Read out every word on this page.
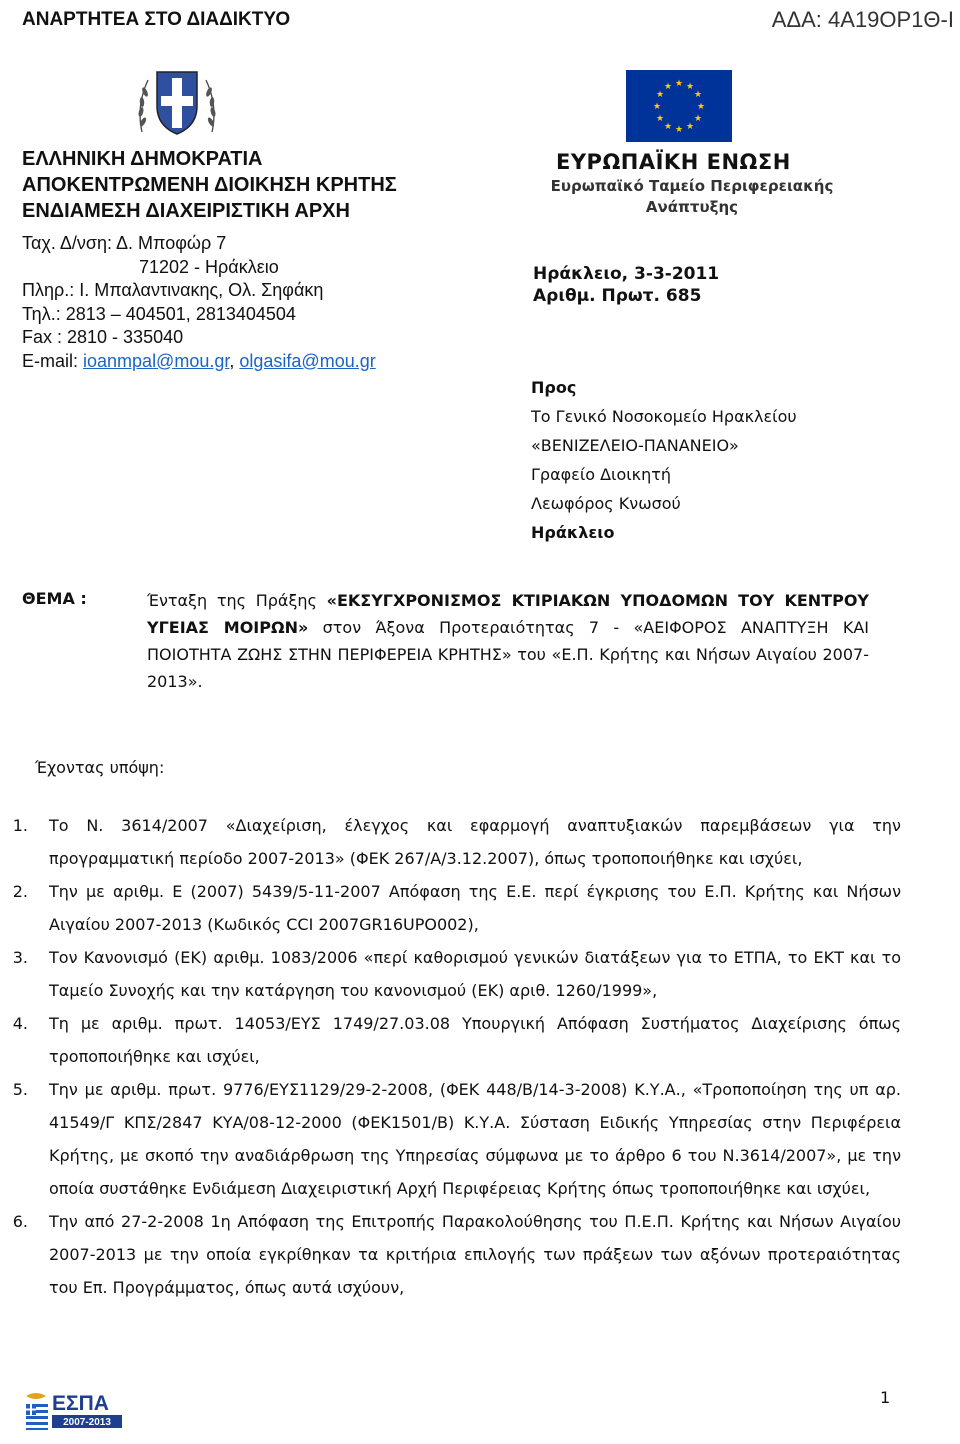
ΑΝΑΡΤΗΤΕΑ ΣΤΟ ΔΙΑΔΙΚΤΥΟ	ΑΔΑ: 4Α19ΟΡ1Θ-Ι
★ ★
★
★
★
★
★
★
★
★
★
★

ΕΛΛΗΝΙΚΗ ΔΗΜΟΚΡΑΤΙΑ

ΑΠΟΚΕΝΤΡΩΜΕΝΗ ΔΙΟΙΚΗΣΗ ΚΡΗΤΗΣ

ΕΝΔΙΑΜΕΣΗ ΔΙΑΧΕΙΡΙΣΤΙΚΗ ΑΡΧΗ

Ταχ. Δ/νση: Δ. Μποφώρ 7

71202 - Ηράκλειο

Πληρ.: Ι. Μπαλαντινακης, Ολ. Σηφάκη

Τηλ.: 2813 – 404501, 2813404504

Fax : 2810 - 335040

E-mail: ioanmpal@mou.gr, olgasifa@mou.gr

ΕΥΡΩΠΑΪΚΗ ΕΝΩΣΗ
Ευρωπαϊκό Ταμείο Περιφερειακής Ανάπτυξης
Ηράκλειο, 3-3-2011
Αριθμ. Πρωτ. 685
Προς
Το Γενικό Νοσοκομείο Ηρακλείου
«ΒΕΝΙΖΕΛΕΙΟ-ΠΑΝΑΝΕΙΟ»
Γραφείο Διοικητή
Λεωφόρος Κνωσού
Ηράκλειο
ΘΕΜΑ :	Ένταξη της Πράξης «ΕΚΣΥΓΧΡΟΝΙΣΜΟΣ ΚΤΙΡΙΑΚΩΝ ΥΠΟΔΟΜΩΝ ΤΟΥ ΚΕΝΤΡΟΥ ΥΓΕΙΑΣ ΜΟΙΡΩΝ» στον Άξονα Προτεραιότητας 7 - «ΑΕΙΦΟΡΟΣ ΑΝΑΠΤΥΞΗ ΚΑΙ ΠΟΙΟΤΗΤΑ ΖΩΗΣ ΣΤΗΝ ΠΕΡΙΦΕΡΕΙΑ ΚΡΗΤΗΣ» του «Ε.Π. Κρήτης και Νήσων Αιγαίου 2007-2013».
Έχοντας υπόψη:
1. Το Ν. 3614/2007 «Διαχείριση, έλεγχος και εφαρμογή αναπτυξιακών παρεμβάσεων για την προγραμματική περίοδο 2007-2013» (ΦΕΚ 267/Α/3.12.2007), όπως τροποποιήθηκε και ισχύει,
2. Την με αριθμ. Ε (2007) 5439/5-11-2007 Απόφαση της Ε.Ε. περί έγκρισης του Ε.Π. Κρήτης και Νήσων Αιγαίου 2007-2013 (Κωδικός CCI 2007GR16UPO002),
3. Τον Κανονισμό (ΕΚ) αριθμ. 1083/2006 «περί καθορισμού γενικών διατάξεων για το ΕΤΠΑ, το ΕΚΤ και το Ταμείο Συνοχής και την κατάργηση του κανονισμού (ΕΚ) αριθ. 1260/1999»,
4. Τη με αριθμ. πρωτ. 14053/ΕΥΣ 1749/27.03.08 Υπουργική Απόφαση Συστήματος Διαχείρισης όπως τροποποιήθηκε και ισχύει,
5. Την με αριθμ. πρωτ. 9776/ΕΥΣ1129/29-2-2008, (ΦΕΚ 448/Β/14-3-2008) Κ.Υ.Α., «Τροποποίηση της υπ αρ. 41549/Γ ΚΠΣ/2847 ΚΥΑ/08-12-2000 (ΦΕΚ1501/Β) Κ.Υ.Α. Σύσταση Ειδικής Υπηρεσίας στην Περιφέρεια Κρήτης, με σκοπό την αναδιάρθρωση της Υπηρεσίας σύμφωνα με το άρθρο 6 του Ν.3614/2007», με την οποία συστάθηκε Ενδιάμεση Διαχειριστική Αρχή Περιφέρειας Κρήτης όπως τροποποιήθηκε και ισχύει,
6. Την από 27-2-2008 1η Απόφαση της Επιτροπής Παρακολούθησης του Π.Ε.Π. Κρήτης και Νήσων Αιγαίου 2007-2013 με την οποία εγκρίθηκαν τα κριτήρια επιλογής των πράξεων των αξόνων προτεραιότητας του Επ. Προγράμματος, όπως αυτά ισχύουν,
ΕΣΠΑ
2007-2013
1
